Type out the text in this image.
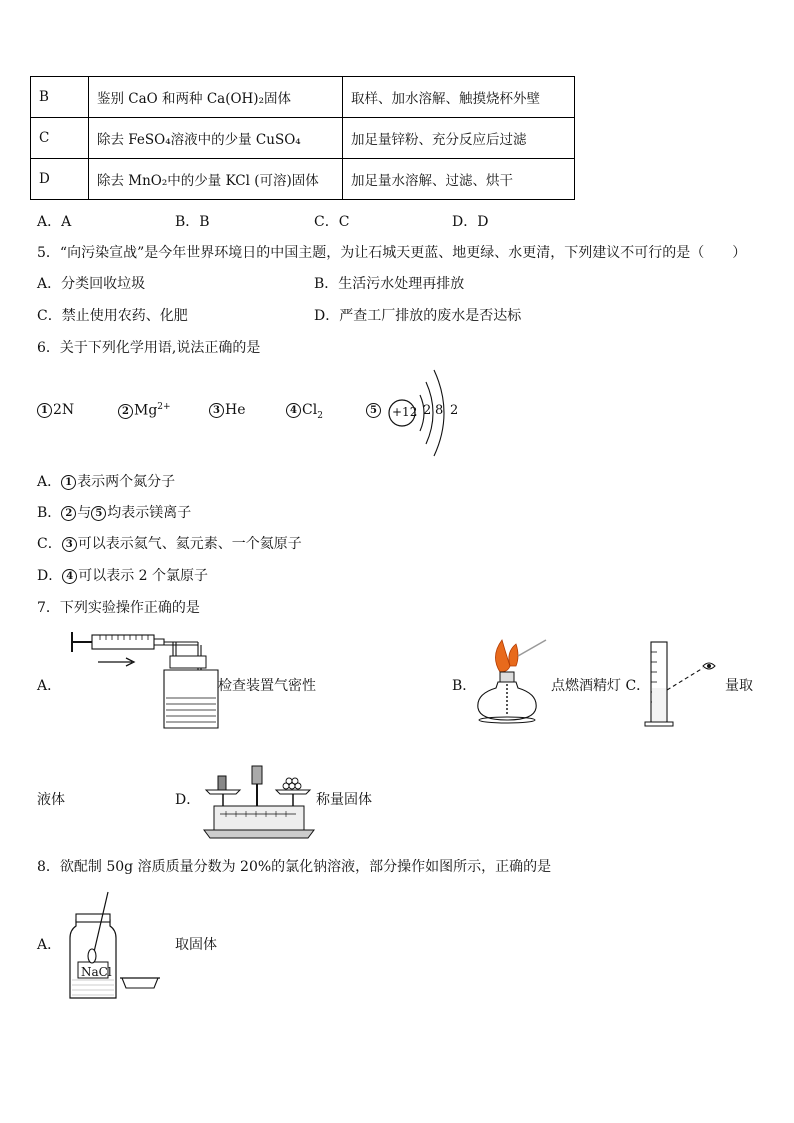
B	鉴别 CaO 和两种 Ca(OH)₂固体	取样、加水溶解、触摸烧杯外壁
C	除去 FeSO₄溶液中的少量 CuSO₄	加足量锌粉、充分反应后过滤
D	除去 MnO₂中的少量 KCl (可溶)固体	加足量水溶解、过滤、烘干
A．A	B．B	C．C	D．D
5．“向污染宣战”是今年世界环境日的中国主题，为让石城天更蓝、地更绿、水更清，下列建议不可行的是（　　）
A．分类回收垃圾	B．生活污水处理再排放
C．禁止使用农药、化肥	D．严查工厂排放的废水是否达标
6．关于下列化学用语,说法正确的是
1 2N	2 $Mg^{2+}$	3 He	4 $Cl_2$	5	+12 2 8 2
A． 1 表示两个氮分子
B． 2 与 5 均表示镁离子
C． 3 可以表示氦气、氦元素、一个氦原子
D． 4 可以表示 2 个氯原子
7．下列实验操作正确的是
A．	检查装置气密性	B．	点燃酒精灯 C．	量取
液体	D．	称量固体
8．欲配制 50g 溶质质量分数为 20%的氯化钠溶液，部分操作如图所示，正确的是
A．
NaCl
取固体
